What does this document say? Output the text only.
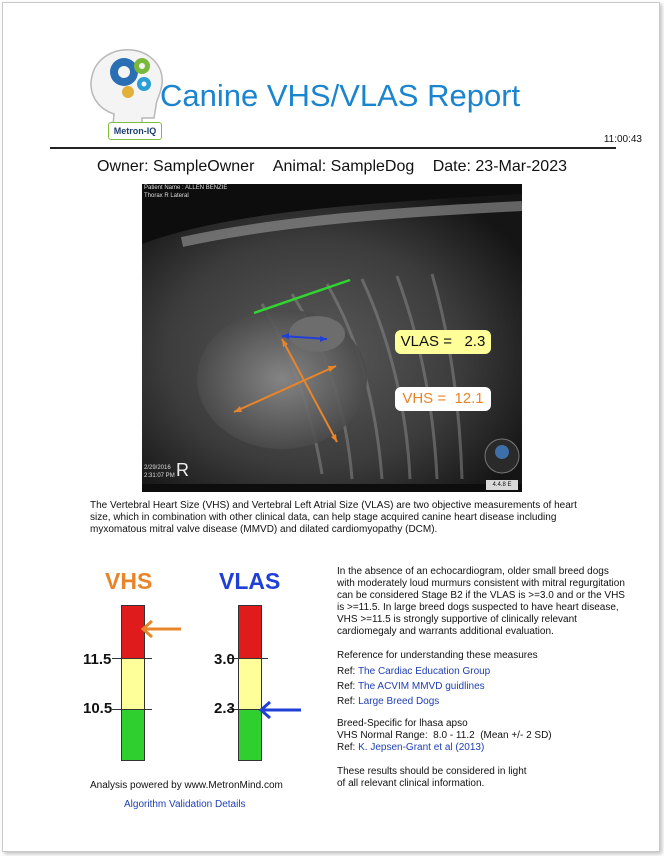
Metron-IQ
Canine VHS/VLAS Report
11:00:43
Owner: SampleOwner Animal: SampleDog Date: 23-Mar-2023
Patient Name : ALLEN BENZIE
Thorax R Lateral
2/29/2016
2:31:07 PM R
VLAS =   2.3
VHS =  12.1
4.4.8 E
The Vertebral Heart Size (VHS) and Vertebral Left Atrial Size (VLAS) are two objective measurements of heart size, which in combination with other clinical data, can help stage acquired canine heart disease including myxomatous mitral valve disease (MMVD) and dilated cardiomyopathy (DCM).
VHS
11.5
10.5
VLAS
3.0
2.3
Analysis powered by www.MetronMind.com
Algorithm Validation Details

In the absence of an echocardiogram, older small breed dogs with moderately loud murmurs consistent with mitral regurgitation can be considered Stage B2 if the VLAS is >=3.0 and or the VHS is >=11.5. In large breed dogs suspected to have heart disease, VHS >=11.5 is strongly supportive of clinically relevant cardiomegaly and warrants additional evaluation.

Reference for understanding these measures
Ref: The Cardiac Education Group
Ref: The ACVIM MMVD guidlines
Ref: Large Breed Dogs
Breed-Specific for lhasa apso
VHS Normal Range:  8.0 - 11.2  (Mean +/- 2 SD)
Ref: K. Jepsen-Grant et al (2013)
These results should be considered in light
of all relevant clinical information.
